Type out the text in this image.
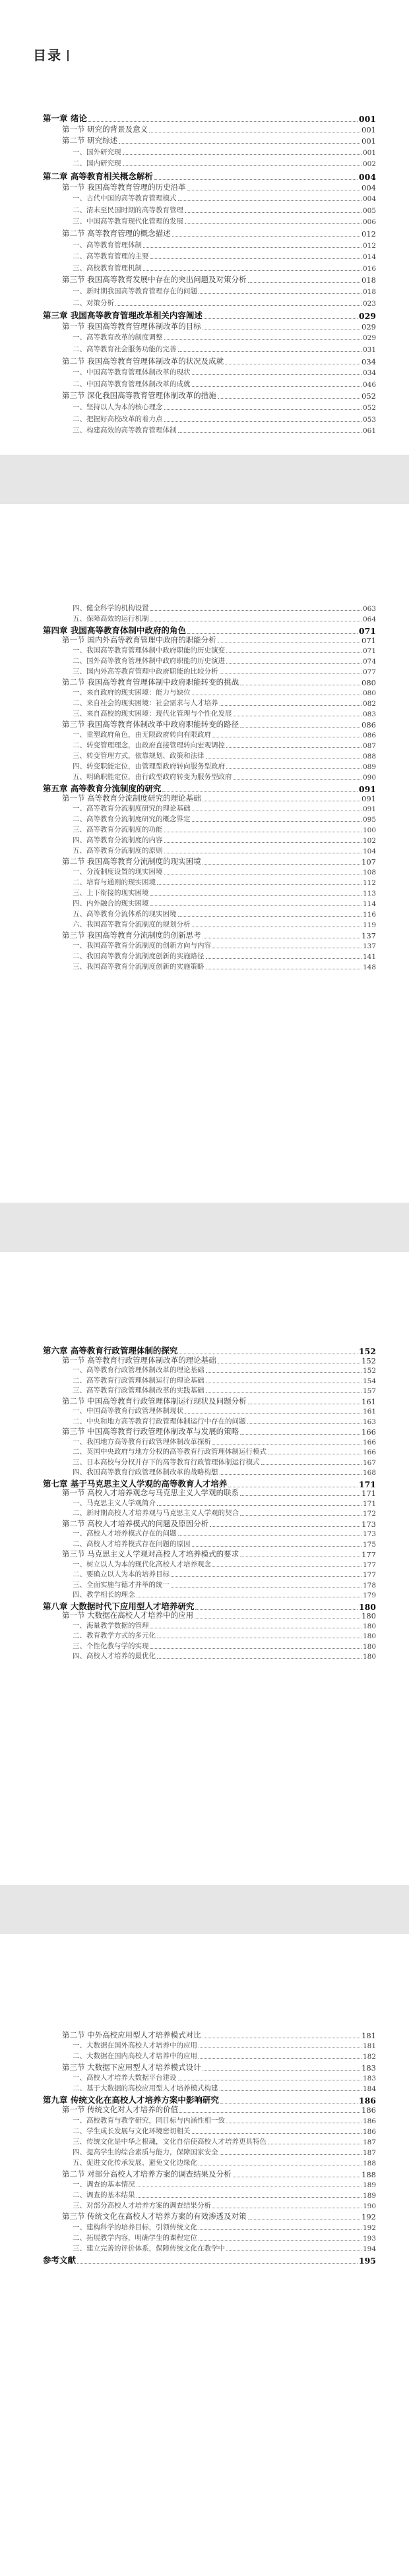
目录
第一章 绪论	001
第一节 研究的背景及意义	001
第二节 研究综述	001
一、国外研究现	001
二、国内研究现	002
第二章 高等教育相关概念解析	004
第一节 我国高等教育管理的历史沿革	004
一、古代中国的高等教育管理模式	004
二、清末至民国时期的高等教育管理	005
三、中国高等教育现代化管理的发展	006
第二节 高等教育管理的概念描述	012
一、高等教育管理体制	012
二、高等教育管理的主要	014
三、高校教育管理机制	016
第三节 我国高等教育发展中存在的突出问题及对策分析	018
一、新时期我国高等教育管理存在的问题	018
二、对策分析	023
第三章 我国高等教育管理改革相关内容阐述	029
第一节 我国高等教育管理体制改革的目标	029
一、高等教育改革的制度调整	029
二、高等教育社会服务功能的完善	031
第二节 我国高等教育管理体制改革的状况及成就	034
一、中国高等教育管理体制改革的现状	034
二、中国高等教育管理体制改革的成就	046
第三节 深化我国高等教育管理体制改革的措施	052
一、坚持以人为本的核心理念	052
二、把握好高校改革的着力点	053
三、构建高效的高等教育管理体制	061
四、健全科学的机构设置	063
五、保障高效的运行机制	064
第四章 我国高等教育体制中政府的角色	071
第一节 国内外高等教育管理中政府的职能分析	071
一、我国高等教育管理体制中政府职能的历史演变	071
二、国外高等教育管理体制中政府职能的历史演进	074
三、国内外高等教育管理中政府职能的比较分析	077
第二节 我国高等教育管理体制中政府职能转变的挑战	080
一、来自政府的现实困境：能力与缺位	080
二、来自社会的现实困境：社会需求与人才培养	082
三、来自高校的现实困境：现代化管理与个性化发展	083
第三节 我国高等教育体制改革中政府职能转变的路径	086
一、重塑政府角色，由无限政府转向有限政府	086
二、转变管理理念，由政府直接管理转向宏观调控	087
三、转变管理方式，依靠规划、政策和法律	088
四、转变职能定位，由管理型政府转向服务型政府	089
五、明确职能定位，由行政型政府转变为服务型政府	090
第五章 高等教育分流制度的研究	091
第一节 高等教育分流制度研究的理论基础	091
一、高等教育分流制度研究的理论基础	091
二、高等教育分流制度研究的概念界定	095
三、高等教育分流制度的功能	100
四、高等教育分流制度的内容	102
五、高等教育分流制度的原则	104
第二节 我国高等教育分流制度的现实困境	107
一、分流制度设置的现实困境	108
二、培育与通则的现实困境	112
三、上下衔接的现实困境	113
四、内外融合的现实困境	114
五、高等教育分流体系的现实困境	116
六、我国高等教育分流制度的规划分析	119
第三节 我国高等教育分流制度的创新思考	137
一、我国高等教育分流制度的创新方向与内容	137
二、我国高等教育分流制度创新的实施路径	141
三、我国高等教育分流制度创新的实施策略	148
第六章 高等教育行政管理体制的探究	152
第一节 高等教育行政管理体制改革的理论基础	152
一、高等教育行政管理体制改革的理论基础	152
二、高等教育行政管理体制运行的理论基础	154
三、高等教育行政管理体制改革的实践基础	157
第二节 中国高等教育行政管理体制运行现状及问题分析	161
一、中国高等教育行政管理体制现状	161
二、中央和地方高等教育行政管理体制运行中存在的问题	163
第三节 中国高等教育行政管理体制改革与发展的策略	166
一、我国地方高等教育行政管理体制改革探析	166
二、英国中央政府与地方分权的高等教育行政管理体制运行模式	166
三、日本高校与分权并存下的高等教育行政管理体制运行模式	167
四、我国高等教育行政管理体制改革的战略构想	168
第七章 基于马克思主义人学观的高等教育人才培养	171
第一节 高校人才培养观念与马克思主义人学观的联系	171
一、马克思主义人学观简介	171
二、新时期高校人才培养观与马克思主义人学观的契合	172
第二节 高校人才培养模式的问题及原因分析	173
一、高校人才培养模式存在的问题	173
二、高校人才培养模式存在问题的原因	175
第三节 马克思主义人学观对高校人才培养模式的要求	177
一、树立以人为本的现代化高校人才培养观念	177
二、要确立以人为本的培养目标	177
三、全面实施与德才并举的统一	178
四、教学相长的理念	179
第八章 大数据时代下应用型人才培养研究	180
第一节 大数据在高校人才培养中的应用	180
一、海量教学数据的管理	180
二、教育教学方式的多元化	180
三、个性化教与学的实现	180
四、高校人才培养的最优化	180
第二节 中外高校应用型人才培养模式对比	181
一、大数据在国外高校人才培养中的应用	181
二、大数据在国内高校人才培养中的应用	182
第三节 大数据下应用型人才培养模式设计	183
一、高校人才培养大数据平台建设	183
二、基于大数据的高校应用型人才培养模式构建	184
第九章 传统文化在高校人才培养方案中影响研究	186
第一节 传统文化对人才培养的价值	186
一、高校教育与教学研究，同目标与内涵性相一致	186
二、学生成长发展与文化环境密切相关	186
三、传统文化是中华之根魂，文化自信使高校人才培养更具特色	187
四、提高学生的综合素质与能力，保障国家安全	187
五、促进文化传承发展、避免文化边缘化	188
第二节 对部分高校人才培养方案的调查结果及分析	188
一、调查的基本情况	189
二、调查的基本结果	189
三、对部分高校人才培养方案的调查结果分析	190
第三节 传统文化在高校人才培养方案的有效渗透及对策	192
一、建构科学的培养目标，引领传统文化	192
二、拓展教学内容，明确学生的课程定位	193
三、建立完善的评价体系，保障传统文化在教学中	194
参考文献	195
